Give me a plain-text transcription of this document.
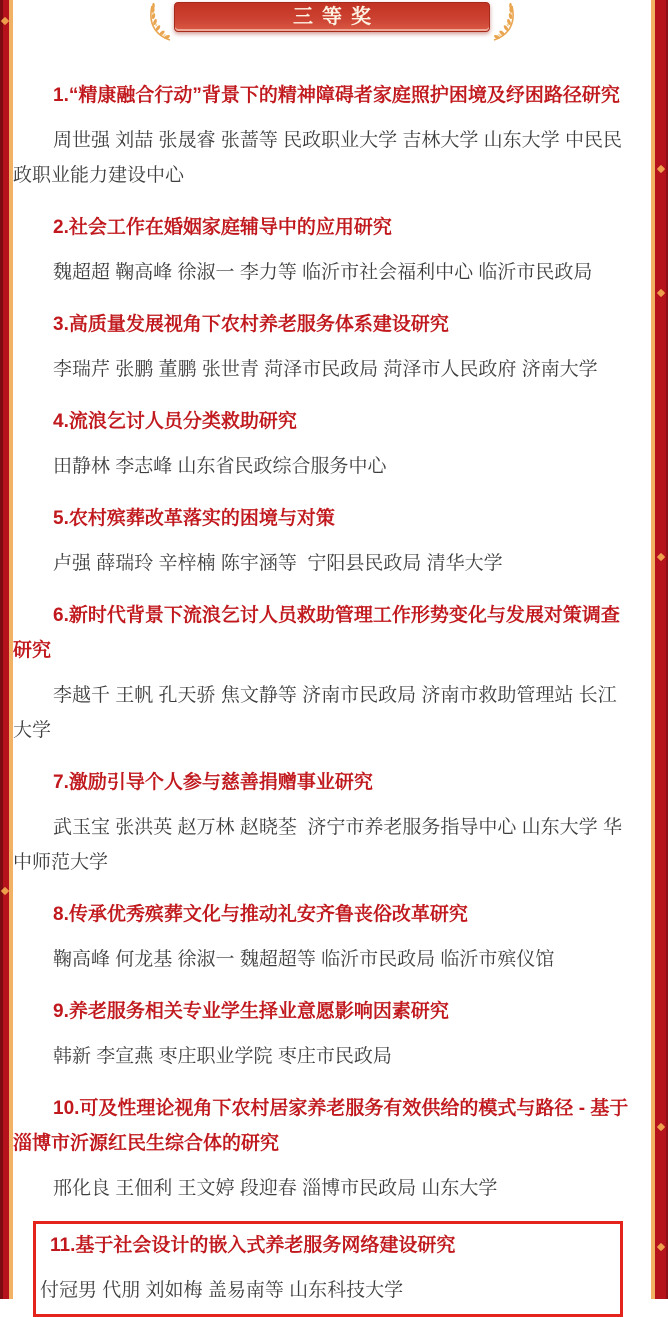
三等奖

1.“精康融合行动”背景下的精神障碍者家庭照护困境及纾困路径研究

周世强 刘喆 张晟睿 张蔷等 民政职业大学 吉林大学 山东大学 中民民政职业能力建设中心

2.社会工作在婚姻家庭辅导中的应用研究

魏超超 鞠高峰 徐淑一 李力等 临沂市社会福利中心 临沂市民政局

3.高质量发展视角下农村养老服务体系建设研究

李瑞芹 张鹏 董鹏 张世青 菏泽市民政局 菏泽市人民政府 济南大学

4.流浪乞讨人员分类救助研究

田静林 李志峰 山东省民政综合服务中心

5.农村殡葬改革落实的困境与对策

卢强 薛瑞玲 辛梓楠 陈宇涵等  宁阳县民政局 清华大学

6.新时代背景下流浪乞讨人员救助管理工作形势变化与发展对策调查研究

李越千 王帆 孔天骄 焦文静等 济南市民政局 济南市救助管理站 长江大学

7.激励引导个人参与慈善捐赠事业研究

武玉宝 张洪英 赵万林 赵晓荃  济宁市养老服务指导中心 山东大学 华中师范大学

8.传承优秀殡葬文化与推动礼安齐鲁丧俗改革研究

鞠高峰 何龙基 徐淑一 魏超超等 临沂市民政局 临沂市殡仪馆

9.养老服务相关专业学生择业意愿影响因素研究

韩新 李宣燕 枣庄职业学院 枣庄市民政局

10.可及性理论视角下农村居家养老服务有效供给的模式与路径 - 基于淄博市沂源红民生综合体的研究

邢化良 王佃利 王文婷 段迎春 淄博市民政局 山东大学

11.基于社会设计的嵌入式养老服务网络建设研究

付冠男 代朋 刘如梅 盖易南等 山东科技大学
